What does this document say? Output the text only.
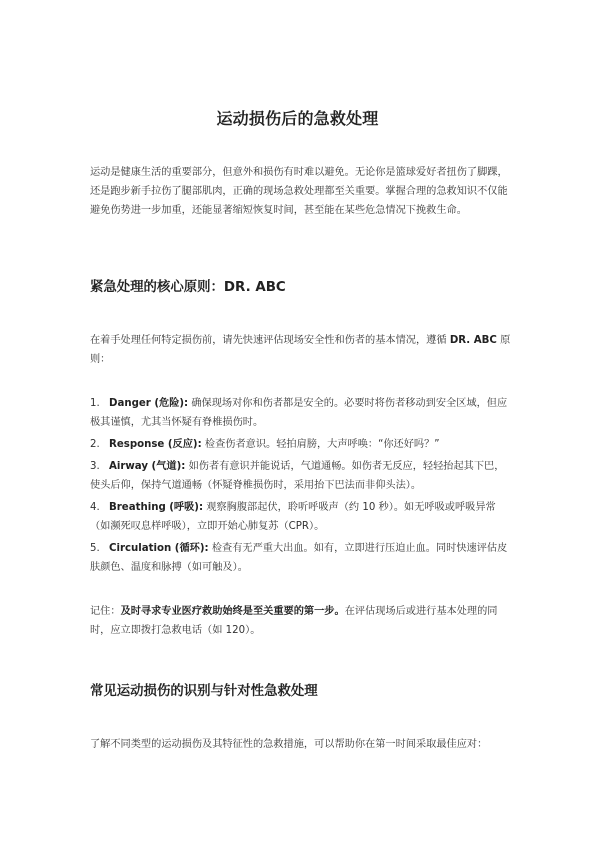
运动损伤后的急救处理
运动是健康生活的重要部分，但意外和损伤有时难以避免。无论你是篮球爱好者扭伤了脚踝，还是跑步新手拉伤了腿部肌肉，正确的现场急救处理都至关重要。掌握合理的急救知识不仅能避免伤势进一步加重，还能显著缩短恢复时间，甚至能在某些危急情况下挽救生命。
紧急处理的核心原则：DR. ABC
在着手处理任何特定损伤前，请先快速评估现场安全性和伤者的基本情况，遵循 DR. ABC 原则：
1. Danger (危险): 确保现场对你和伤者都是安全的。必要时将伤者移动到安全区域，但应极其谨慎，尤其当怀疑有脊椎损伤时。
2. Response (反应): 检查伤者意识。轻拍肩膀，大声呼唤：“你还好吗？”
3. Airway (气道): 如伤者有意识并能说话，气道通畅。如伤者无反应，轻轻抬起其下巴，使头后仰，保持气道通畅（怀疑脊椎损伤时，采用抬下巴法而非仰头法）。
4. Breathing (呼吸): 观察胸腹部起伏，聆听呼吸声（约 10 秒）。如无呼吸或呼吸异常（如濒死叹息样呼吸），立即开始心肺复苏（CPR）。
5. Circulation (循环): 检查有无严重大出血。如有，立即进行压迫止血。同时快速评估皮肤颜色、温度和脉搏（如可触及）。
记住：及时寻求专业医疗救助始终是至关重要的第一步。在评估现场后或进行基本处理的同时，应立即拨打急救电话（如 120）。
常见运动损伤的识别与针对性急救处理
了解不同类型的运动损伤及其特征性的急救措施，可以帮助你在第一时间采取最佳应对：
